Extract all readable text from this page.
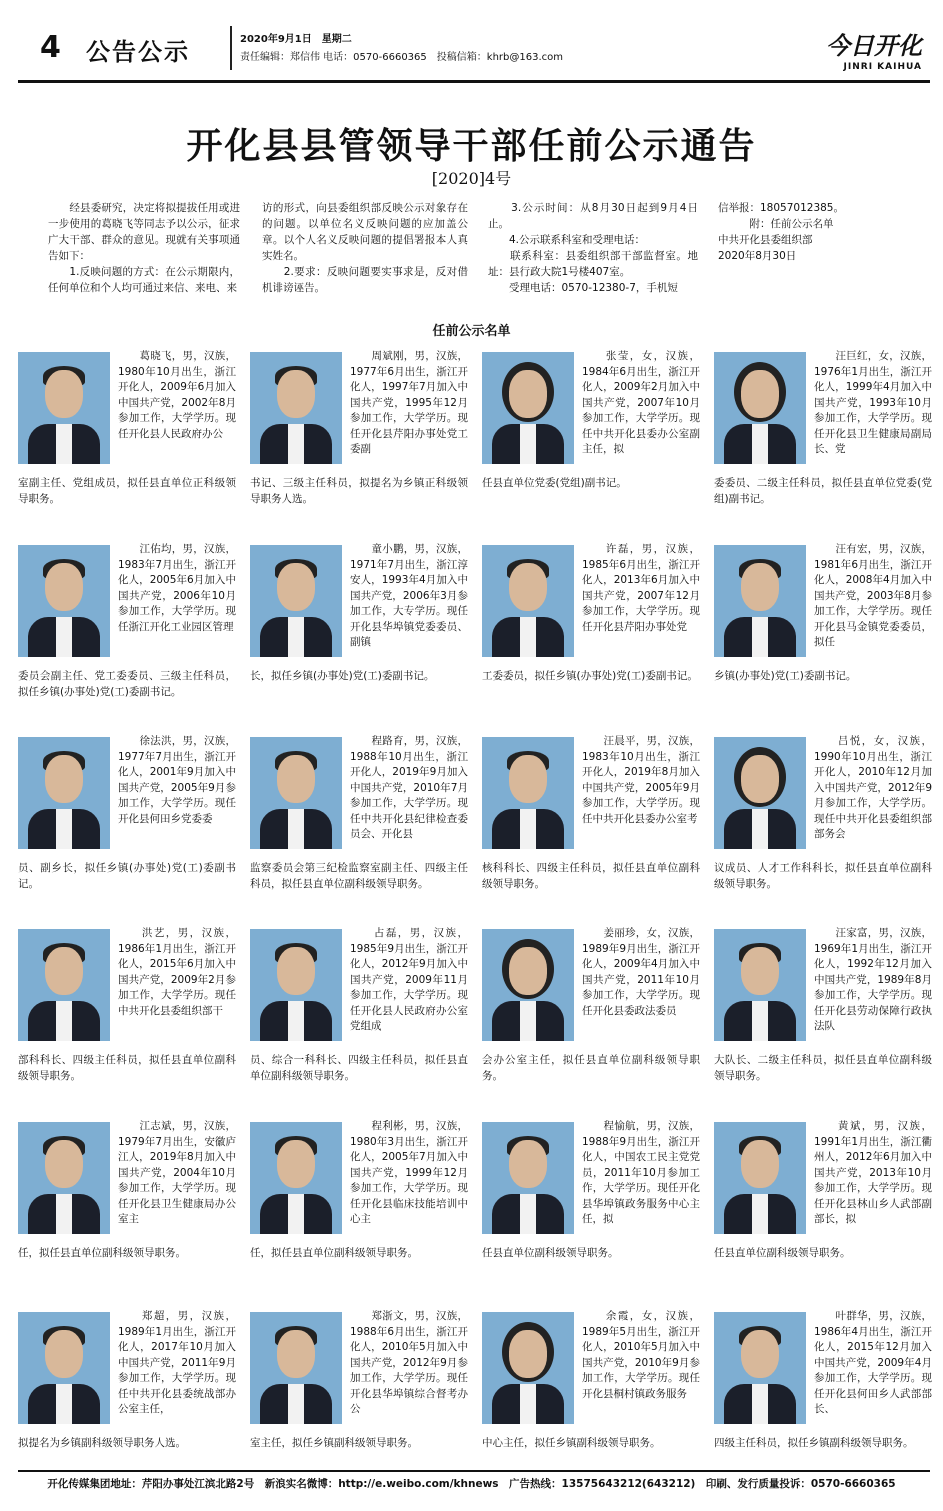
4 公告公示	2020年9月1日　星期二
责任编辑：郑信伟 电话：0570-6660365　投稿信箱：khrb@163.com	今日开化
JINRI KAIHUA
开化县县管领导干部任前公示通告
[2020]4号
　　经县委研究，决定将拟提拔任用或进一步使用的葛晓飞等同志予以公示，征求广大干部、群众的意见。现就有关事项通告如下：
　　1.反映问题的方式：在公示期限内，任何单位和个人均可通过来信、来电、来
访的形式，向县委组织部反映公示对象存在的问题。以单位名义反映问题的应加盖公章。以个人名义反映问题的提倡署报本人真实姓名。
　　2.要求：反映问题要实事求是，反对借机诽谤诬告。
　　3.公示时间：从8月30日起到9月4日止。
　　4.公示联系科室和受理电话：
　　联系科室：县委组织部干部监督室。地址：县行政大院1号楼407室。
　　受理电话：0570-12380-7，手机短
信举报：18057012385。
　　　附：任前公示名单
中共开化县委组织部
2020年8月30日
任前公示名单
　　葛晓飞，男，汉族，1980年10月出生，浙江开化人，2009年6月加入中国共产党，2002年8月参加工作，大学学历。现任开化县人民政府办公
室副主任、党组成员，拟任县直单位正科级领导职务。
　　周斌刚，男，汉族，1977年6月出生，浙江开化人，1997年7月加入中国共产党，1995年12月参加工作，大学学历。现任开化县芹阳办事处党工委副
书记、三级主任科员，拟提名为乡镇正科级领导职务人选。
　　张莹，女，汉族，1984年6月出生，浙江开化人，2009年2月加入中国共产党，2007年10月参加工作，大学学历。现任中共开化县委办公室副主任，拟
任县直单位党委(党组)副书记。
　　汪巨红，女，汉族，1976年1月出生，浙江开化人，1999年4月加入中国共产党，1993年10月参加工作，大学学历。现任开化县卫生健康局副局长、党
委委员、二级主任科员，拟任县直单位党委(党组)副书记。
　　江佑均，男，汉族，1983年7月出生，浙江开化人，2005年6月加入中国共产党，2006年10月参加工作，大学学历。现任浙江开化工业园区管理
委员会副主任、党工委委员、三级主任科员，拟任乡镇(办事处)党(工)委副书记。
　　童小鹏，男，汉族，1971年7月出生，浙江淳安人，1993年4月加入中国共产党，2006年3月参加工作，大专学历。现任开化县华埠镇党委委员、副镇
长，拟任乡镇(办事处)党(工)委副书记。
　　许磊，男，汉族，1985年6月出生，浙江开化人，2013年6月加入中国共产党，2007年12月参加工作，大学学历。现任开化县芹阳办事处党
工委委员，拟任乡镇(办事处)党(工)委副书记。
　　汪有宏，男，汉族，1981年6月出生，浙江开化人，2008年4月加入中国共产党，2003年8月参加工作，大学学历。现任开化县马金镇党委委员，拟任
乡镇(办事处)党(工)委副书记。
　　徐法洪，男，汉族，1977年7月出生，浙江开化人，2001年9月加入中国共产党，2005年9月参加工作，大学学历。现任开化县何田乡党委委
员、副乡长，拟任乡镇(办事处)党(工)委副书记。
　　程路育，男，汉族，1988年10月出生，浙江开化人，2019年9月加入中国共产党，2010年7月参加工作，大学学历。现任中共开化县纪律检查委员会、开化县
监察委员会第三纪检监察室副主任、四级主任科员，拟任县直单位副科级领导职务。
　　汪晨平，男，汉族，1983年10月出生，浙江开化人，2019年8月加入中国共产党，2005年9月参加工作，大学学历。现任中共开化县委办公室考
核科科长、四级主任科员，拟任县直单位副科级领导职务。
　　吕悦，女，汉族，1990年10月出生，浙江开化人，2010年12月加入中国共产党，2012年9月参加工作，大学学历。现任中共开化县委组织部部务会
议成员、人才工作科科长，拟任县直单位副科级领导职务。
　　洪艺，男，汉族，1986年1月出生，浙江开化人，2015年6月加入中国共产党，2009年2月参加工作，大学学历。现任中共开化县委组织部干
部科科长、四级主任科员，拟任县直单位副科级领导职务。
　　占磊，男，汉族，1985年9月出生，浙江开化人，2012年9月加入中国共产党，2009年11月参加工作，大学学历。现任开化县人民政府办公室党组成
员、综合一科科长、四级主任科员，拟任县直单位副科级领导职务。
　　姜丽珍，女，汉族，1989年9月出生，浙江开化人，2009年4月加入中国共产党，2011年10月参加工作，大学学历。现任开化县委政法委员
会办公室主任，拟任县直单位副科级领导职务。
　　汪家富，男，汉族，1969年1月出生，浙江开化人，1992年12月加入中国共产党，1989年8月参加工作，大学学历。现任开化县劳动保障行政执法队
大队长、二级主任科员，拟任县直单位副科级领导职务。
　　江志斌，男，汉族，1979年7月出生，安徽庐江人，2019年8月加入中国共产党，2004年10月参加工作，大学学历。现任开化县卫生健康局办公室主
任，拟任县直单位副科级领导职务。
　　程利彬，男，汉族，1980年3月出生，浙江开化人，2005年7月加入中国共产党，1999年12月参加工作，大学学历。现任开化县临床技能培训中心主
任，拟任县直单位副科级领导职务。
　　程愉航，男，汉族，1988年9月出生，浙江开化人，中国农工民主党党员，2011年10月参加工作，大学学历。现任开化县华埠镇政务服务中心主任，拟
任县直单位副科级领导职务。
　　黄斌，男，汉族，1991年1月出生，浙江衢州人，2012年6月加入中国共产党，2013年10月参加工作，大学学历。现任开化县林山乡人武部副部长，拟
任县直单位副科级领导职务。
　　郑超，男，汉族，1989年1月出生，浙江开化人，2017年10月加入中国共产党，2011年9月参加工作，大学学历。现任中共开化县委统战部办公室主任，
拟提名为乡镇副科级领导职务人选。
　　郑浙文，男，汉族，1988年6月出生，浙江开化人，2010年5月加入中国共产党，2012年9月参加工作，大学学历。现任开化县华埠镇综合督考办公
室主任，拟任乡镇副科级领导职务。
　　余霞，女，汉族，1989年5月出生，浙江开化人，2010年5月加入中国共产党，2010年9月参加工作，大学学历。现任开化县桐村镇政务服务
中心主任，拟任乡镇副科级领导职务。
　　叶群华，男，汉族，1986年4月出生，浙江开化人，2015年12月加入中国共产党，2009年4月参加工作，大学学历。现任开化县何田乡人武部部长、
四级主任科员，拟任乡镇副科级领导职务。
开化传媒集团地址：芹阳办事处江滨北路2号　新浪实名微博：http://e.weibo.com/khnews　广告热线：13575643212(643212)　印刷、发行质量投诉：0570-6660365
